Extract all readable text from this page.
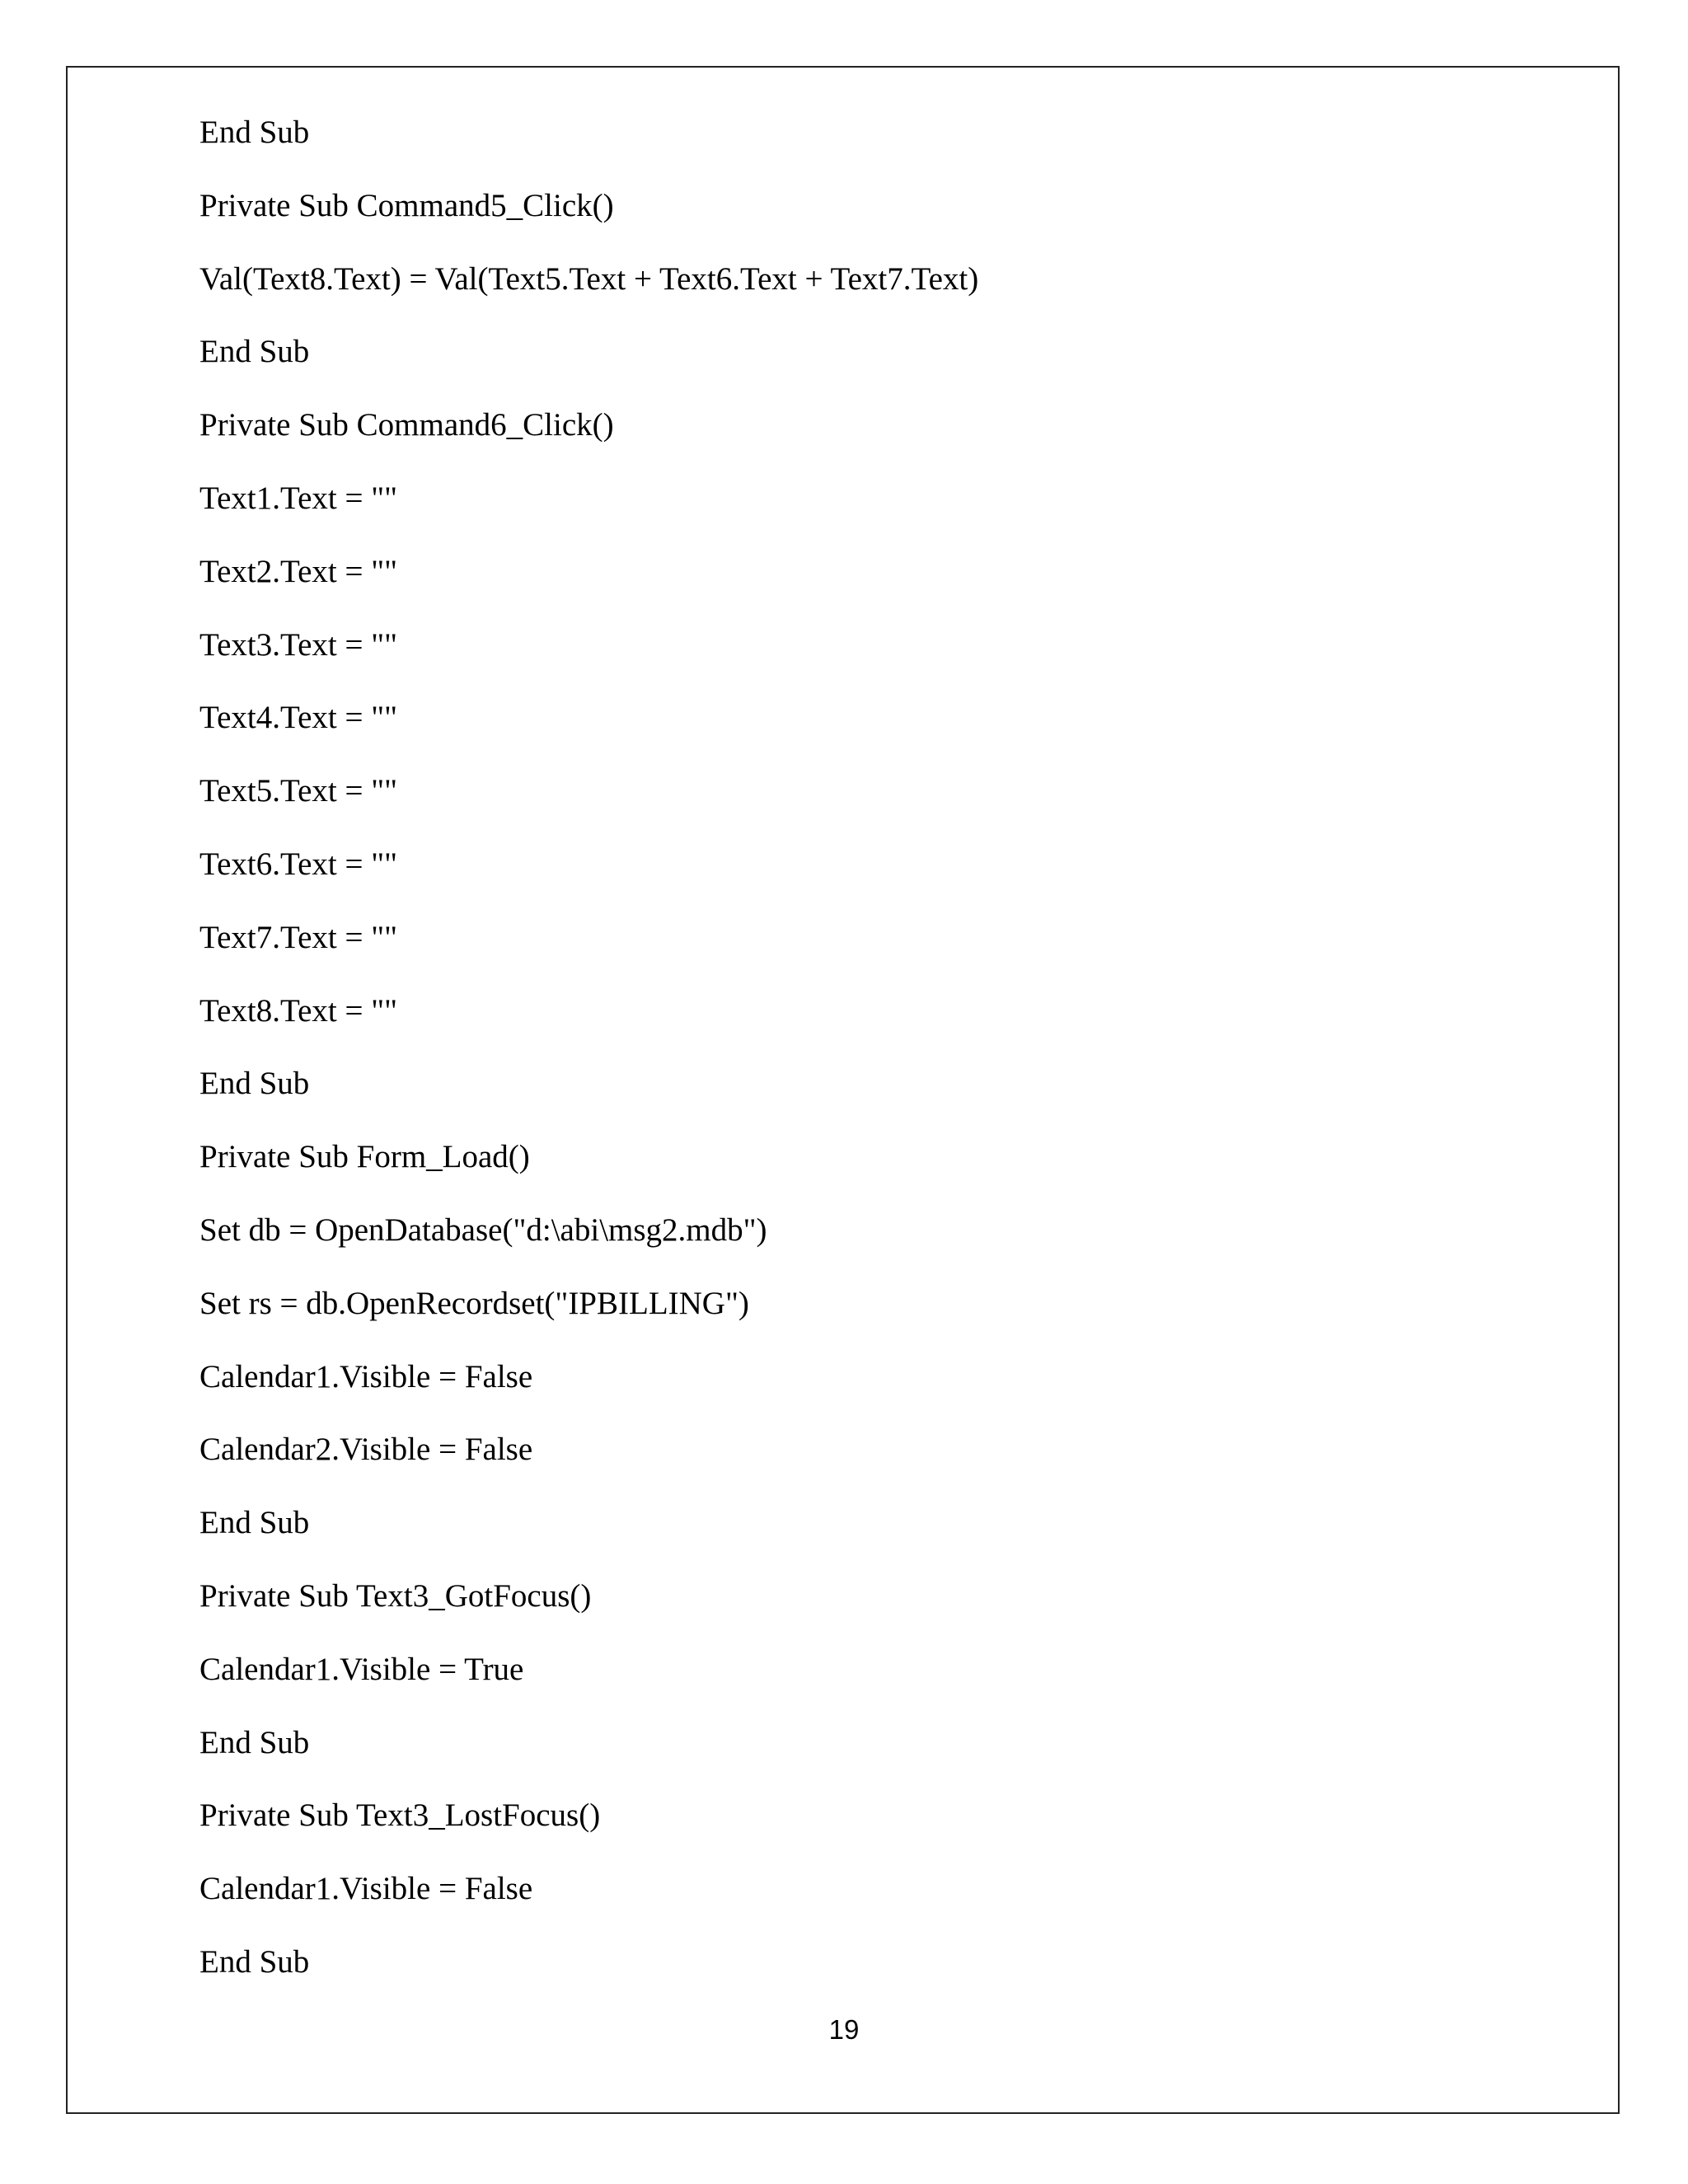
End Sub
Private Sub Command5_Click()
Val(Text8.Text) = Val(Text5.Text + Text6.Text + Text7.Text)
End Sub
Private Sub Command6_Click()
Text1.Text = ""
Text2.Text = ""
Text3.Text = ""
Text4.Text = ""
Text5.Text = ""
Text6.Text = ""
Text7.Text = ""
Text8.Text = ""
End Sub
Private Sub Form_Load()
Set db = OpenDatabase("d:\abi\msg2.mdb")
Set rs = db.OpenRecordset("IPBILLING")
Calendar1.Visible = False
Calendar2.Visible = False
End Sub
Private Sub Text3_GotFocus()
Calendar1.Visible = True
End Sub
Private Sub Text3_LostFocus()
Calendar1.Visible = False
End Sub
19
